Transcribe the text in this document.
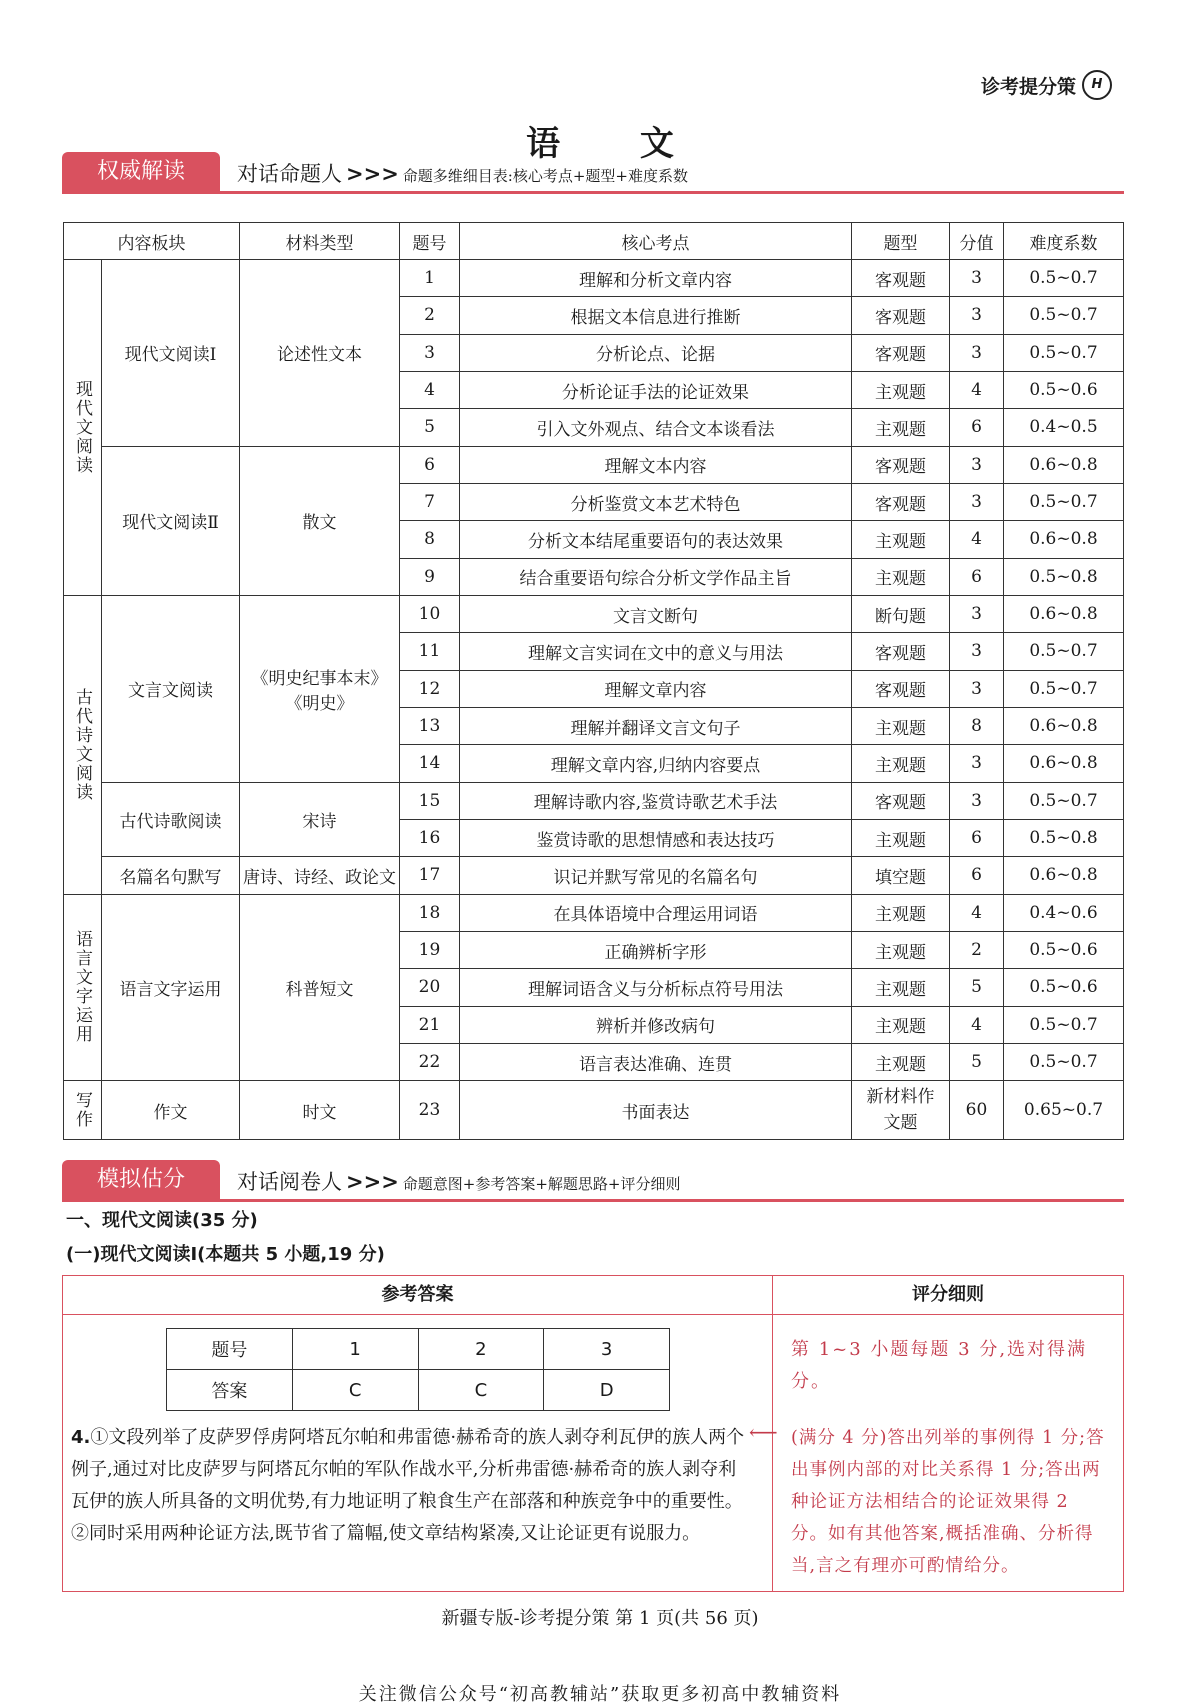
诊考提分策	H
语 文
权威解读	对话命题人 >>> 命题多维细目表:核心考点+题型+难度系数
内容板块		材料类型	题号	核心考点	题型	分值	难度系数

现代文阅读	现代文阅读Ⅰ	论述性文本	1	理解和分析文章内容	客观题	3	0.5~0.7
			2	根据文本信息进行推断	客观题	3	0.5~0.7
			3	分析论点、论据	客观题	3	0.5~0.7
			4	分析论证手法的论证效果	主观题	4	0.5~0.6
			5	引入文外观点、结合文本谈看法	主观题	6	0.4~0.5
	现代文阅读Ⅱ	散文	6	理解文本内容	客观题	3	0.6~0.8
			7	分析鉴赏文本艺术特色	客观题	3	0.5~0.7
			8	分析文本结尾重要语句的表达效果	主观题	4	0.6~0.8
			9	结合重要语句综合分析文学作品主旨	主观题	6	0.5~0.8

古代诗文阅读	文言文阅读	《明史纪事本末》《明史》	10	文言文断句	断句题	3	0.6~0.8
			11	理解文言实词在文中的意义与用法	客观题	3	0.5~0.7
			12	理解文章内容	客观题	3	0.5~0.7
			13	理解并翻译文言文句子	主观题	8	0.6~0.8
			14	理解文章内容,归纳内容要点	主观题	3	0.6~0.8
	古代诗歌阅读	宋诗	15	理解诗歌内容,鉴赏诗歌艺术手法	客观题	3	0.5~0.7
			16	鉴赏诗歌的思想情感和表达技巧	主观题	6	0.5~0.8
	名篇名句默写	唐诗、诗经、政论文	17	识记并默写常见的名篇名句	填空题	6	0.6~0.8

语言文字运用	语言文字运用	科普短文	18	在具体语境中合理运用词语	主观题	4	0.4~0.6
			19	正确辨析字形	主观题	2	0.5~0.6
			20	理解词语含义与分析标点符号用法	主观题	5	0.5~0.6
			21	辨析并修改病句	主观题	4	0.5~0.7
			22	语言表达准确、连贯	主观题	5	0.5~0.7

写作	作文	时文	23	书面表达	新材料作文题	60	0.65~0.7
模拟估分	对话阅卷人 >>> 命题意图+参考答案+解题思路+评分细则
一、现代文阅读(35 分)
(一)现代文阅读Ⅰ(本题共 5 小题,19 分)
参考答案
题号	1	2	3
答案	C	C	D
4.①文段列举了皮萨罗俘虏阿塔瓦尔帕和弗雷德·赫希奇的族人剥夺利瓦伊的族人两个例子,通过对比皮萨罗与阿塔瓦尔帕的军队作战水平,分析弗雷德·赫希奇的族人剥夺利瓦伊的族人所具备的文明优势,有力地证明了粮食生产在部落和种族竞争中的重要性。②同时采用两种论证方法,既节省了篇幅,使文章结构紧凑,又让论证更有说服力。
评分细则
第 1~3 小题每题 3 分,选对得满分。
⟵ (满分 4 分)答出列举的事例得 1 分;答出事例内部的对比关系得 1 分;答出两种论证方法相结合的论证效果得 2 分。如有其他答案,概括准确、分析得当,言之有理亦可酌情给分。
新疆专版-诊考提分策 第 1 页(共 56 页)
关注微信公众号“初高教辅站”获取更多初高中教辅资料
